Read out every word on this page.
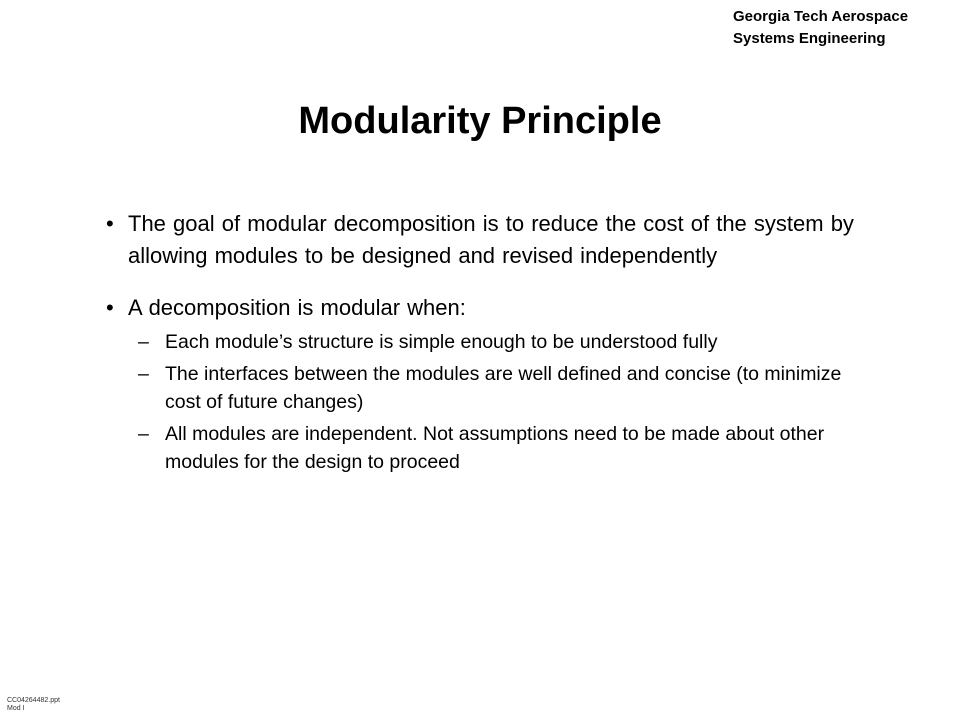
Georgia Tech Aerospace
Systems Engineering
Modularity Principle
• The goal of modular decomposition is to reduce the cost of the system by allowing modules to be designed and revised independently
• A decomposition is modular when:
– Each module’s structure is simple enough to be understood fully
– The interfaces between the modules are well defined and concise (to minimize cost of future changes)
– All modules are independent. Not assumptions need to be made about other modules for the design to proceed
CC04264482.ppt
Mod I
